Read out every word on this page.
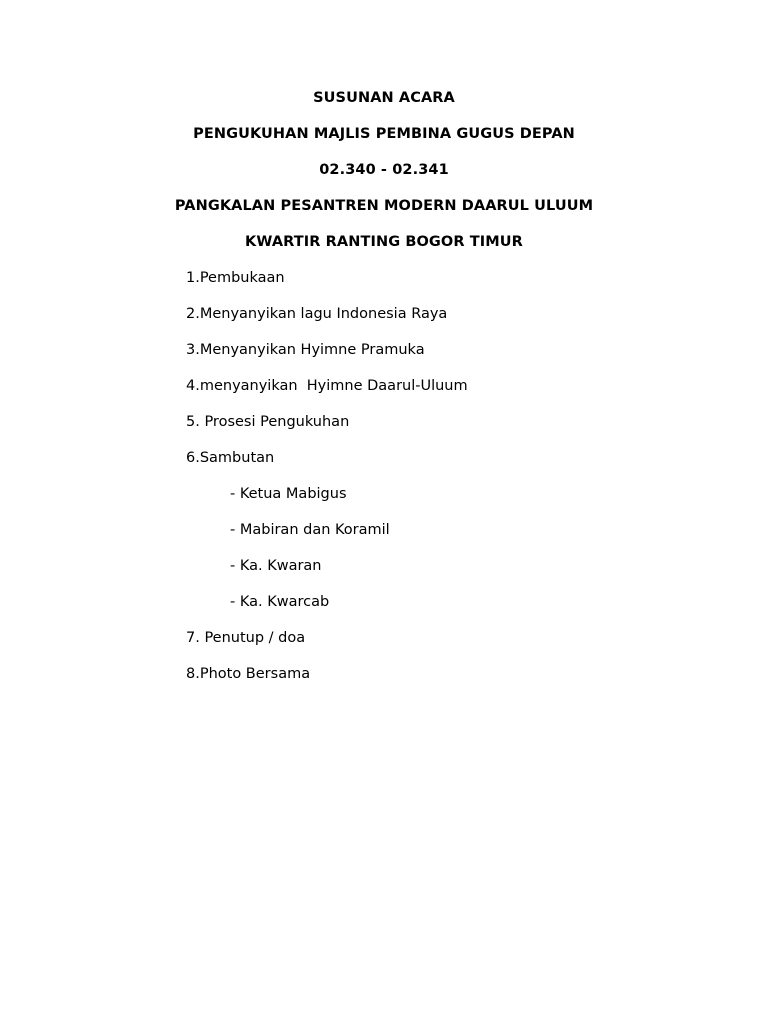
SUSUNAN ACARA
PENGUKUHAN MAJLIS PEMBINA GUGUS DEPAN
02.340 - 02.341
PANGKALAN PESANTREN MODERN DAARUL ULUUM
KWARTIR RANTING BOGOR TIMUR
1.Pembukaan
2.Menyanyikan lagu Indonesia Raya
3.Menyanyikan Hyimne Pramuka
4.menyanyikan  Hyimne Daarul-Uluum
5. Prosesi Pengukuhan
6.Sambutan
- Ketua Mabigus
- Mabiran dan Koramil
- Ka. Kwaran
- Ka. Kwarcab
7. Penutup / doa
8.Photo Bersama
